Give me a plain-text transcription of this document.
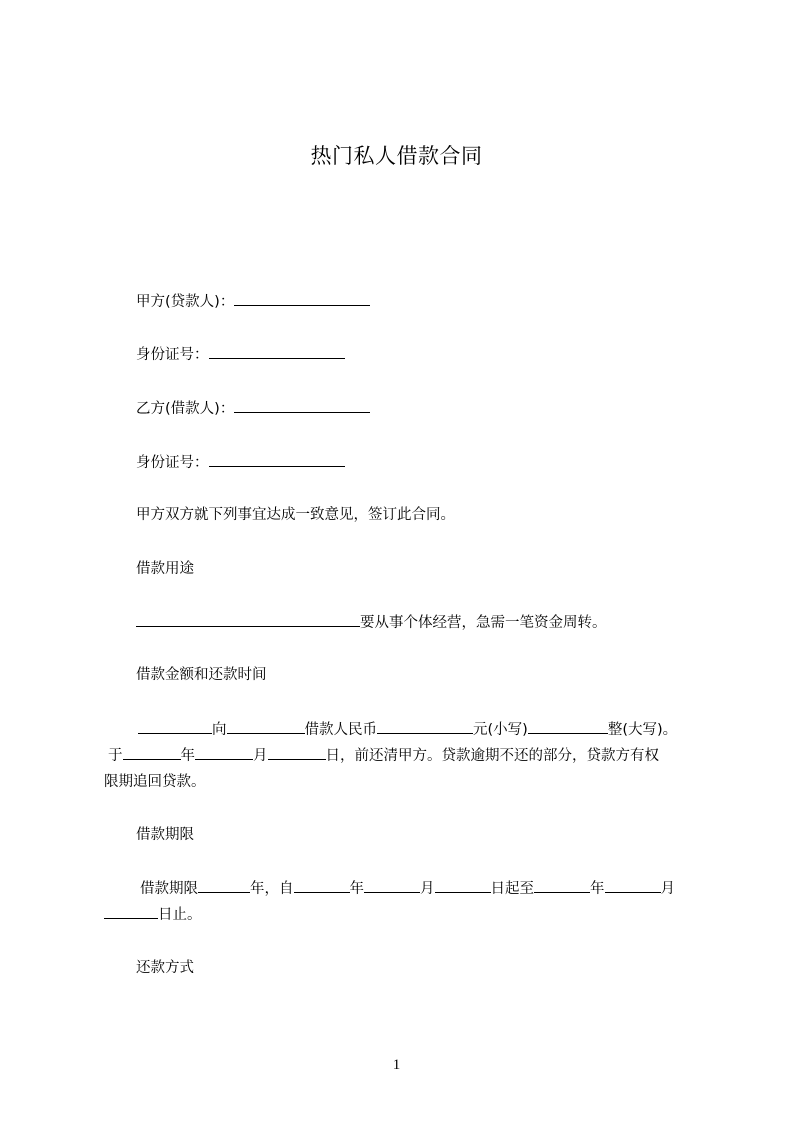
热门私人借款合同
甲方(贷款人)：
身份证号：
乙方(借款人)：
身份证号：
甲方双方就下列事宜达成一致意见，签订此合同。
借款用途
要从事个体经营，急需一笔资金周转。
借款金额和还款时间
向	借款人民币	元(小写)	整(大写)。
于	年	月	日，前还清甲方。贷款逾期不还的部分，贷款方有权
限期追回贷款。
借款期限
借款期限	年，自	年	月	日起至	年	月
日止。
还款方式
1
